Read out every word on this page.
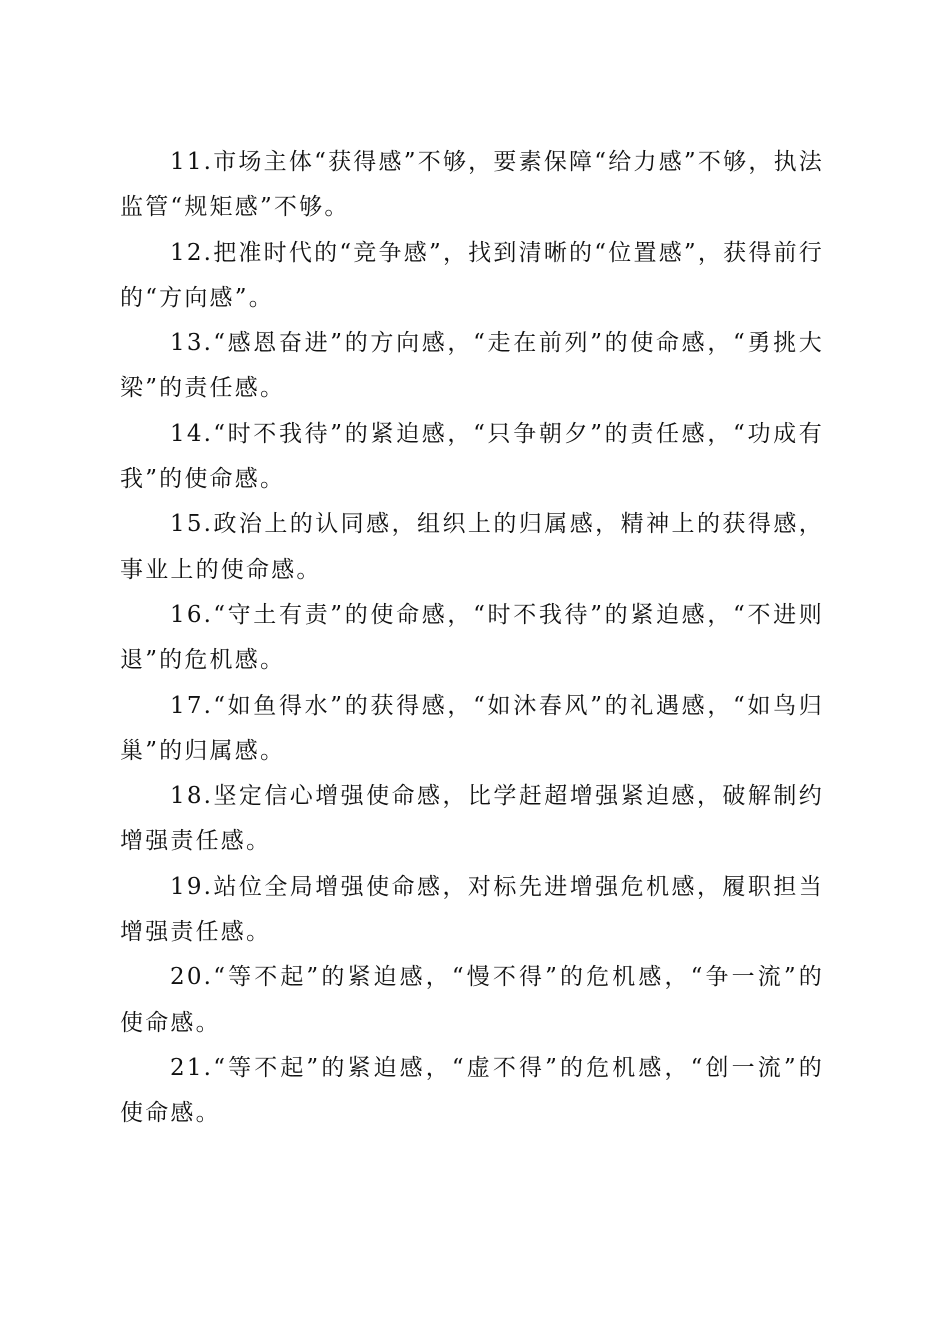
11.市场主体“获得感”不够，要素保障“给力感”不够，执法监管“规矩感”不够。

12.把准时代的“竞争感”，找到清晰的“位置感”，获得前行的“方向感”。

13.“感恩奋进”的方向感，“走在前列”的使命感，“勇挑大梁”的责任感。

14.“时不我待”的紧迫感，“只争朝夕”的责任感，“功成有我”的使命感。

15.政治上的认同感，组织上的归属感，精神上的获得感，事业上的使命感。

16.“守土有责”的使命感，“时不我待”的紧迫感，“不进则退”的危机感。

17.“如鱼得水”的获得感，“如沐春风”的礼遇感，“如鸟归巢”的归属感。

18.坚定信心增强使命感，比学赶超增强紧迫感，破解制约增强责任感。

19.站位全局增强使命感，对标先进增强危机感，履职担当增强责任感。

20.“等不起”的紧迫感，“慢不得”的危机感，“争一流”的使命感。

21.“等不起”的紧迫感，“虚不得”的危机感，“创一流”的使命感。
